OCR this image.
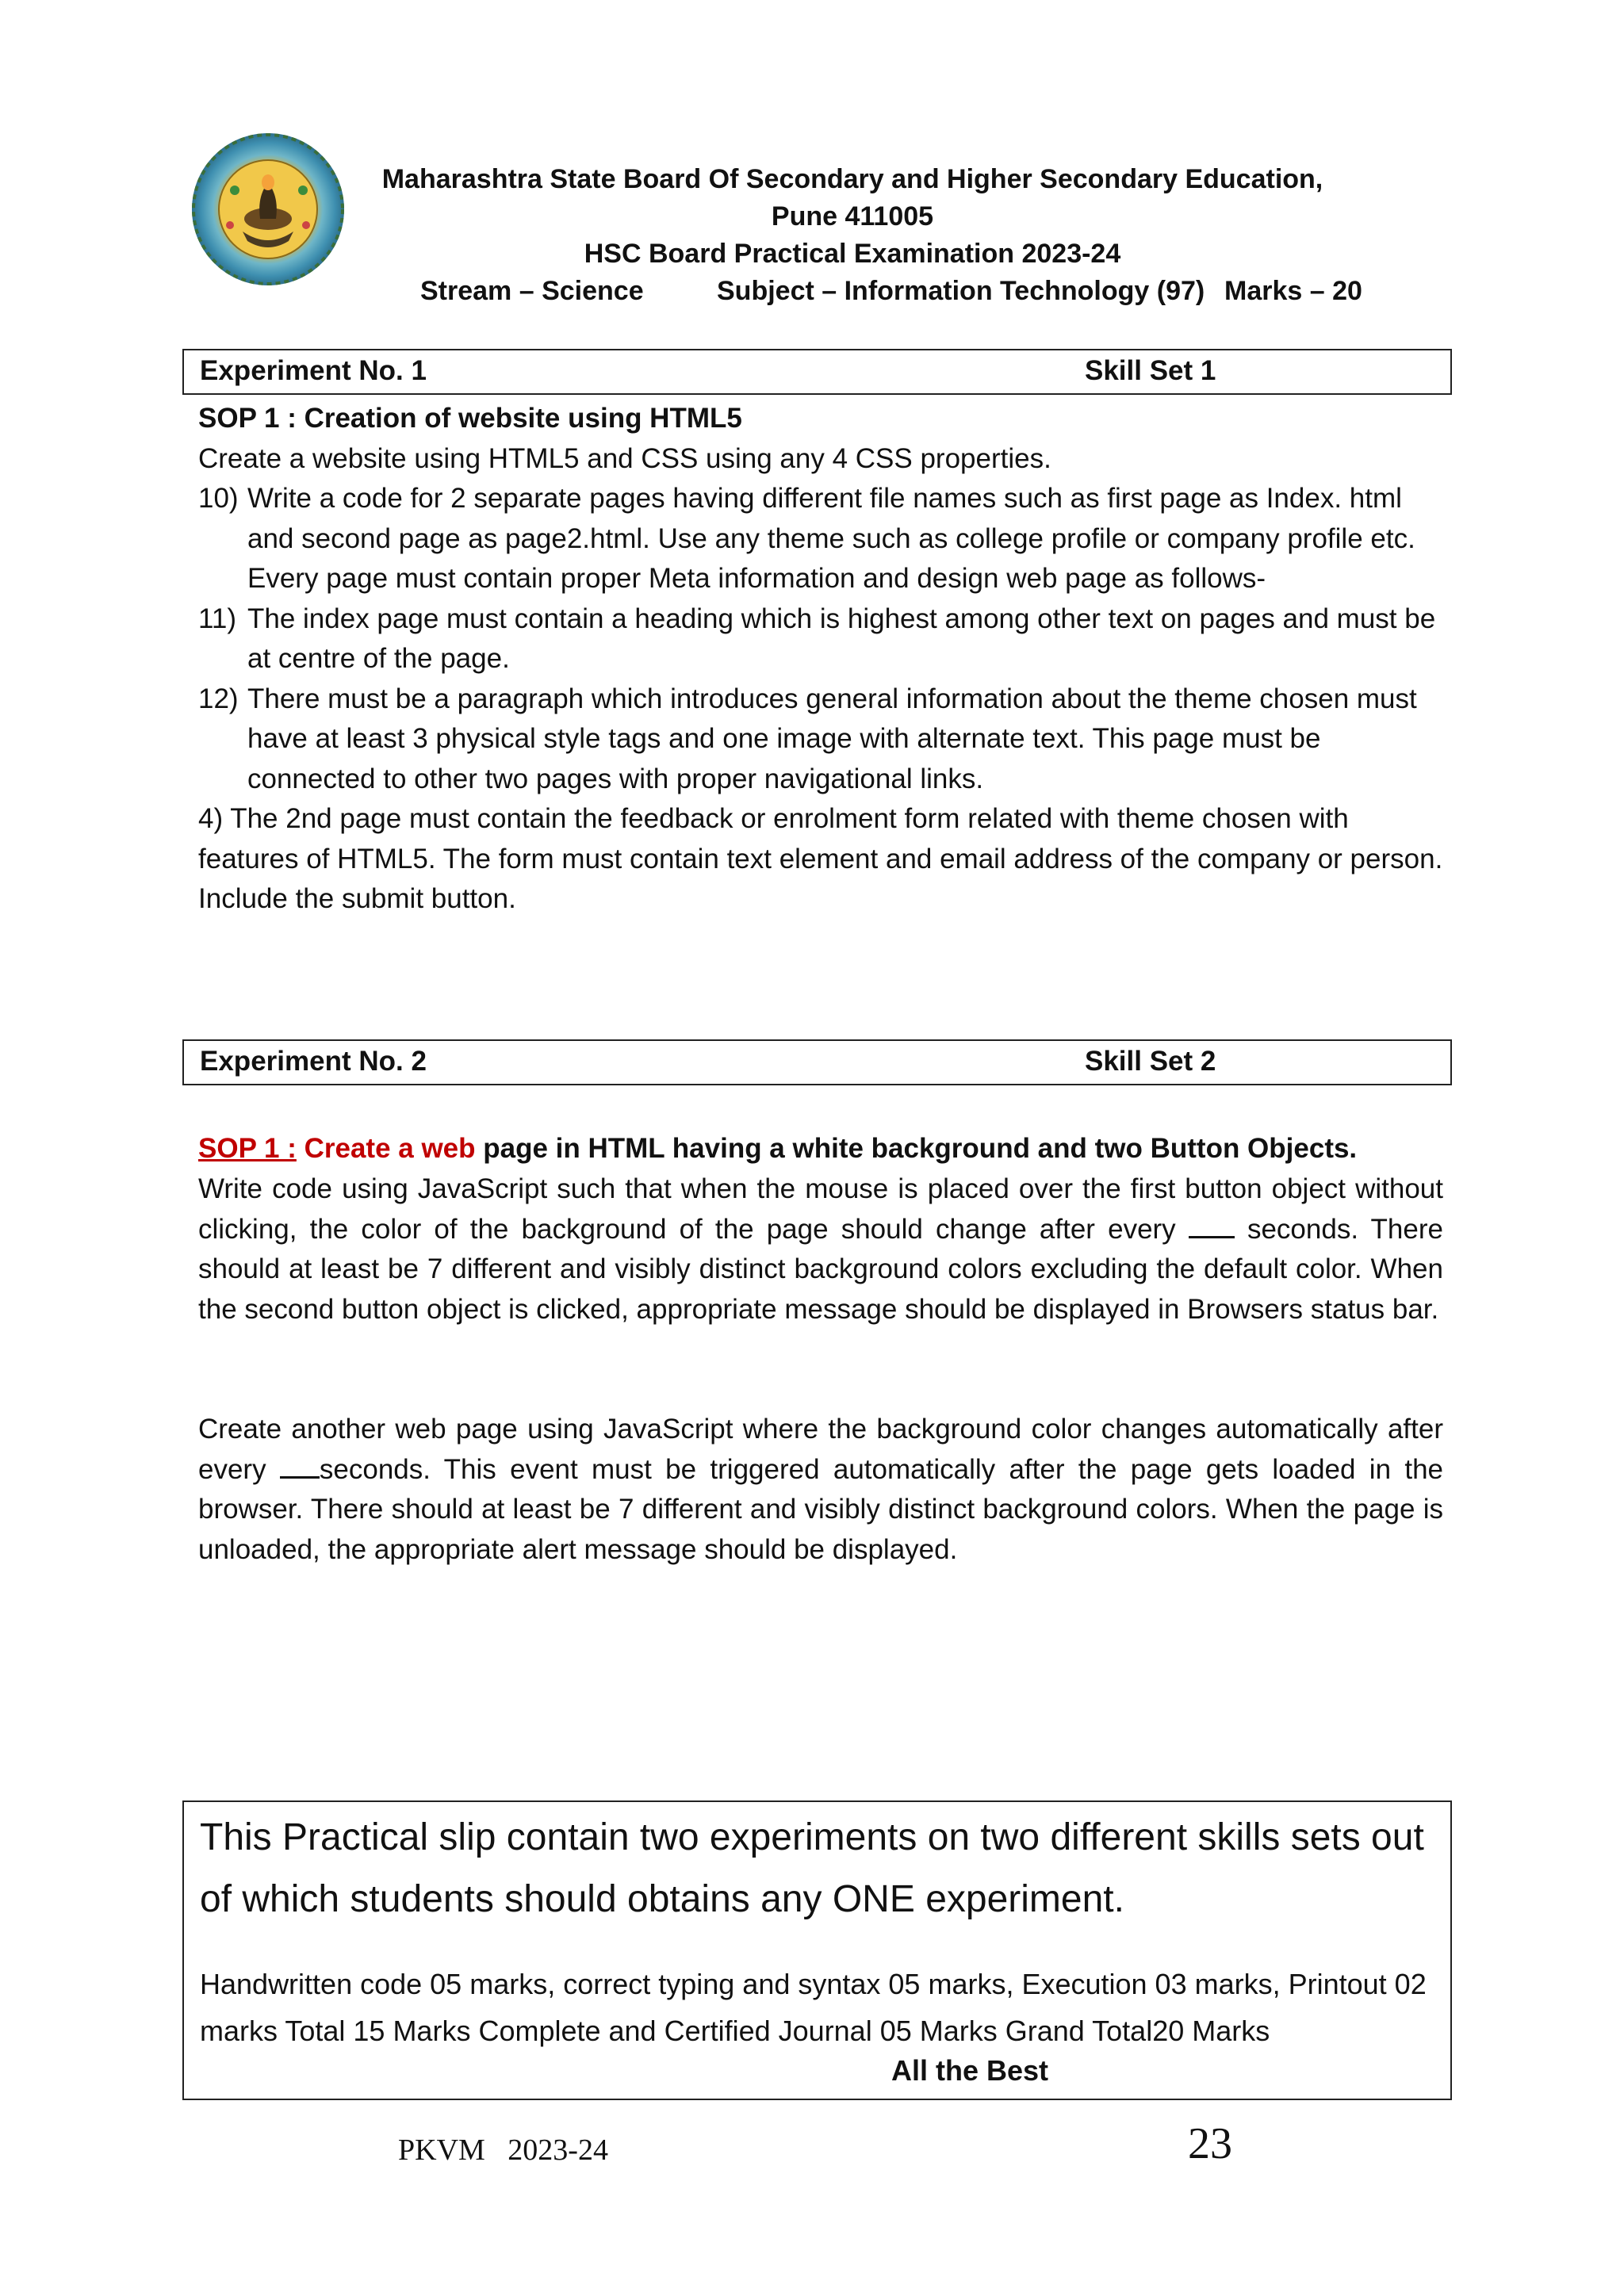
Maharashtra State Board Of Secondary and Higher Secondary Education,
Pune 411005
HSC Board Practical Examination 2023-24
Stream – Science	Subject – Information Technology (97) Marks – 20
Experiment No. 1	Skill Set 1
SOP 1 : Creation of website using HTML5
Create a website using HTML5 and CSS using any 4 CSS properties.
10) Write a code for 2 separate pages having different file names such as first page as Index. html and second page as page2.html. Use any theme such as college profile or company profile etc. Every page must contain proper Meta information and design web page as follows-
11) The index page must contain a heading which is highest among other text on pages and must be at centre of the page.
12) There must be a paragraph which introduces general information about the theme chosen must have at least 3 physical style tags and one image with alternate text. This page must be connected to other two pages with proper navigational links.
4) The 2nd page must contain the feedback or enrolment form related with theme chosen with features of HTML5. The form must contain text element and email address of the company or person. Include the submit button.
Experiment No. 2	Skill Set 2
SOP 1 : Create a web page in HTML having a white background and two Button Objects.
Write code using JavaScript such that when the mouse is placed over the first button object without clicking, the color of the background of the page should change after every  seconds. There should at least be 7 different and visibly distinct background colors excluding the default color. When the second button object is clicked, appropriate message should be displayed in Browsers status bar.
Create another web page using JavaScript where the background color changes automatically after every seconds. This event must be triggered automatically after the page gets loaded in the browser. There should at least be 7 different and visibly distinct background colors. When the page is unloaded, the appropriate alert message should be displayed.
This Practical slip contain two experiments on two different skills sets out of which students should obtains any ONE experiment.
Handwritten code 05 marks, correct typing and syntax 05 marks, Execution 03 marks, Printout 02 marks Total 15 Marks Complete and Certified Journal 05 Marks Grand Total20 Marks
All the Best
PKVM   2023-24	23
